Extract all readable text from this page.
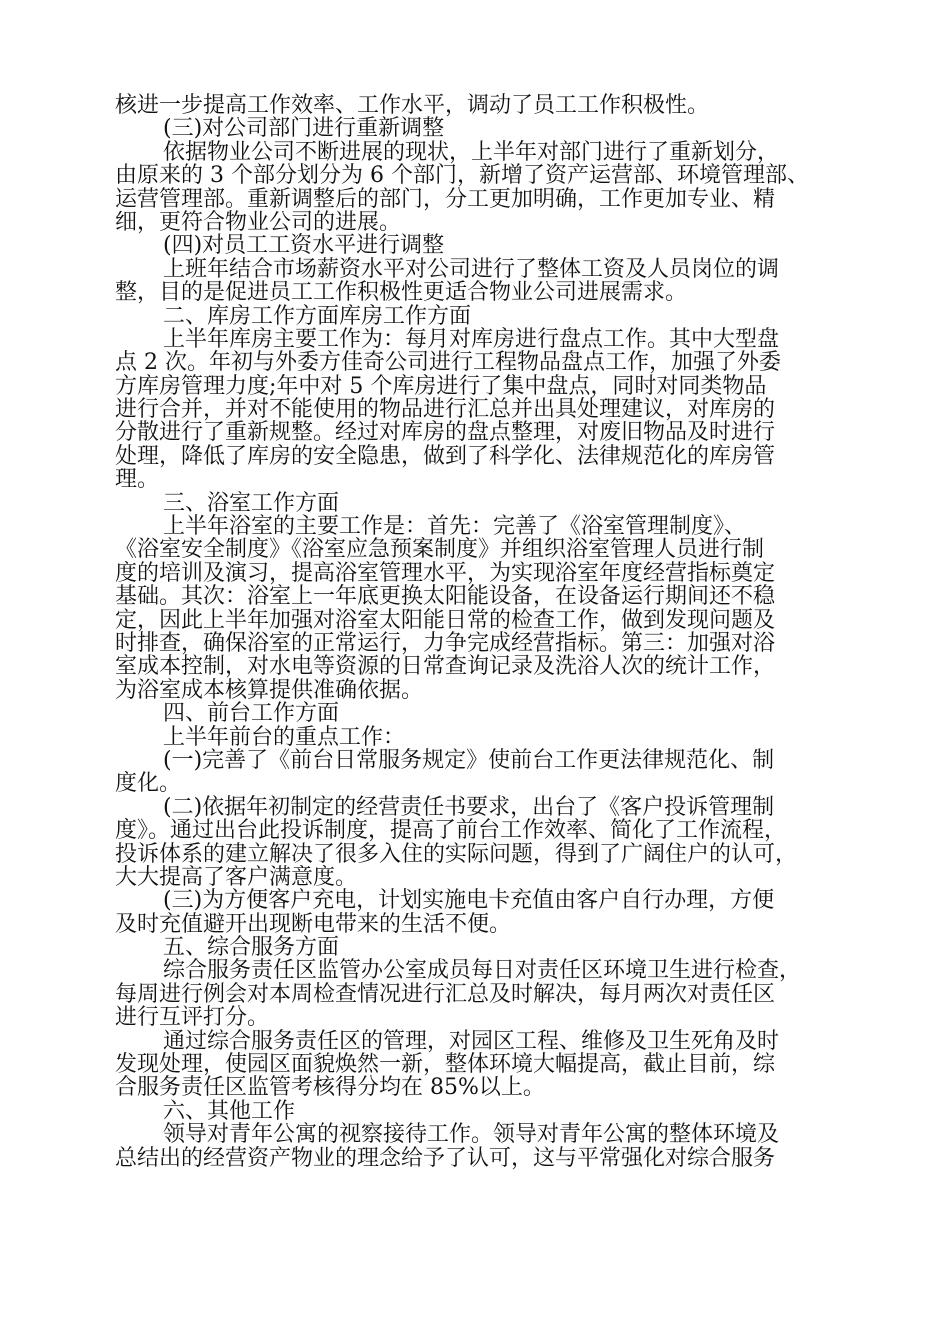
核进一步提高工作效率、工作水平，调动了员工工作积极性。
(三)对公司部门进行重新调整
依据物业公司不断进展的现状，上半年对部门进行了重新划分，
由原来的 3 个部分划分为 6 个部门，新增了资产运营部、环境管理部、
运营管理部。重新调整后的部门，分工更加明确，工作更加专业、精
细，更符合物业公司的进展。
(四)对员工工资水平进行调整
上班年结合市场薪资水平对公司进行了整体工资及人员岗位的调
整，目的是促进员工工作积极性更适合物业公司进展需求。
二、库房工作方面库房工作方面
上半年库房主要工作为：每月对库房进行盘点工作。其中大型盘
点 2 次。年初与外委方佳奇公司进行工程物品盘点工作，加强了外委
方库房管理力度;年中对 5 个库房进行了集中盘点，同时对同类物品
进行合并，并对不能使用的物品进行汇总并出具处理建议，对库房的
分散进行了重新规整。经过对库房的盘点整理，对废旧物品及时进行
处理，降低了库房的安全隐患，做到了科学化、法律规范化的库房管
理。
三、浴室工作方面
上半年浴室的主要工作是：首先：完善了《浴室管理制度》、
《浴室安全制度》《浴室应急预案制度》并组织浴室管理人员进行制
度的培训及演习，提高浴室管理水平，为实现浴室年度经营指标奠定
基础。其次：浴室上一年底更换太阳能设备，在设备运行期间还不稳
定，因此上半年加强对浴室太阳能日常的检查工作，做到发现问题及
时排查，确保浴室的正常运行，力争完成经营指标。第三：加强对浴
室成本控制，对水电等资源的日常查询记录及洗浴人次的统计工作，
为浴室成本核算提供准确依据。
四、前台工作方面
上半年前台的重点工作：
(一)完善了《前台日常服务规定》使前台工作更法律规范化、制
度化。
(二)依据年初制定的经营责任书要求，出台了《客户投诉管理制
度》。通过出台此投诉制度，提高了前台工作效率、简化了工作流程，
投诉体系的建立解决了很多入住的实际问题，得到了广阔住户的认可，
大大提高了客户满意度。
(三)为方便客户充电，计划实施电卡充值由客户自行办理，方便
及时充值避开出现断电带来的生活不便。
五、综合服务方面
综合服务责任区监管办公室成员每日对责任区环境卫生进行检查，
每周进行例会对本周检查情况进行汇总及时解决，每月两次对责任区
进行互评打分。
通过综合服务责任区的管理，对园区工程、维修及卫生死角及时
发现处理，使园区面貌焕然一新，整体环境大幅提高，截止目前，综
合服务责任区监管考核得分均在 85%以上。
六、其他工作
领导对青年公寓的视察接待工作。领导对青年公寓的整体环境及
总结出的经营资产物业的理念给予了认可，这与平常强化对综合服务
